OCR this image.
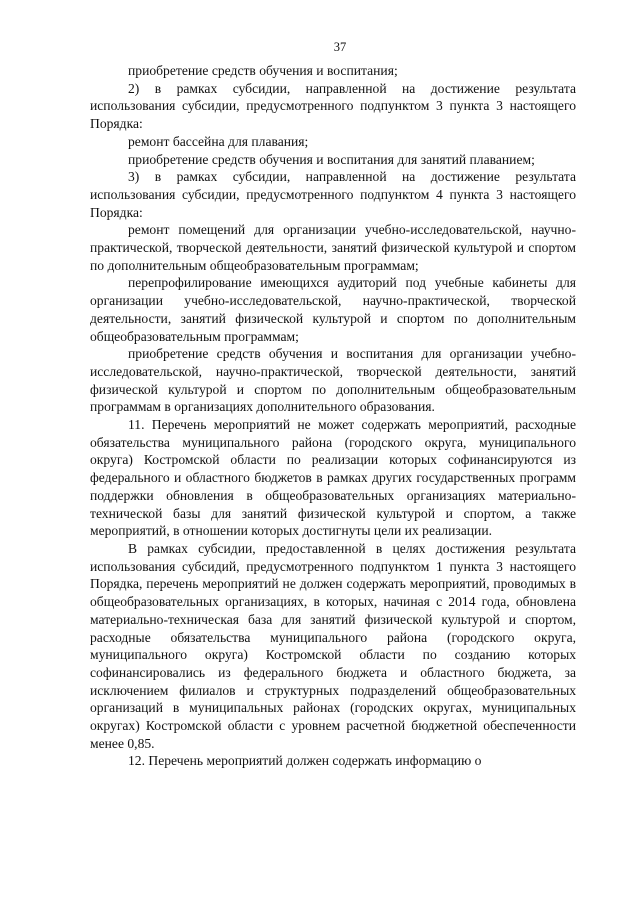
37

приобретение средств обучения и воспитания;

2) в рамках субсидии, направленной на достижение результата использования субсидии, предусмотренного подпунктом 3 пункта 3 настоящего Порядка:

ремонт бассейна для плавания;

приобретение средств обучения и воспитания для занятий плаванием;

3) в рамках субсидии, направленной на достижение результата использования субсидии, предусмотренного подпунктом 4 пункта 3 настоящего Порядка:

ремонт помещений для организации учебно-исследовательской, научно-практической, творческой деятельности, занятий физической культурой и спортом по дополнительным общеобразовательным программам;

перепрофилирование имеющихся аудиторий под учебные кабинеты для организации учебно-исследовательской, научно-практической, творческой деятельности, занятий физической культурой и спортом по дополнительным общеобразовательным программам;

приобретение средств обучения и воспитания для организации учебно-исследовательской, научно-практической, творческой деятельности, занятий физической культурой и спортом по дополнительным общеобразовательным программам в организациях дополнительного образования.

11. Перечень мероприятий не может содержать мероприятий, расходные обязательства муниципального района (городского округа, муниципального округа) Костромской области по реализации которых софинансируются из федерального и областного бюджетов в рамках других государственных программ поддержки обновления в общеобразовательных организациях материально-технической базы для занятий физической культурой и спортом, а также мероприятий, в отношении которых достигнуты цели их реализации.

В рамках субсидии, предоставленной в целях достижения результата использования субсидий, предусмотренного подпунктом 1 пункта 3 настоящего Порядка, перечень мероприятий не должен содержать мероприятий, проводимых в общеобразовательных организациях, в которых, начиная с 2014 года, обновлена материально-техническая база для занятий физической культурой и спортом, расходные обязательства муниципального района (городского округа, муниципального округа) Костромской области по созданию которых софинансировались из федерального бюджета и областного бюджета, за исключением филиалов и структурных подразделений общеобразовательных организаций в муниципальных районах (городских округах, муниципальных округах) Костромской области с уровнем расчетной бюджетной обеспеченности менее 0,85.

12. Перечень мероприятий должен содержать информацию о
